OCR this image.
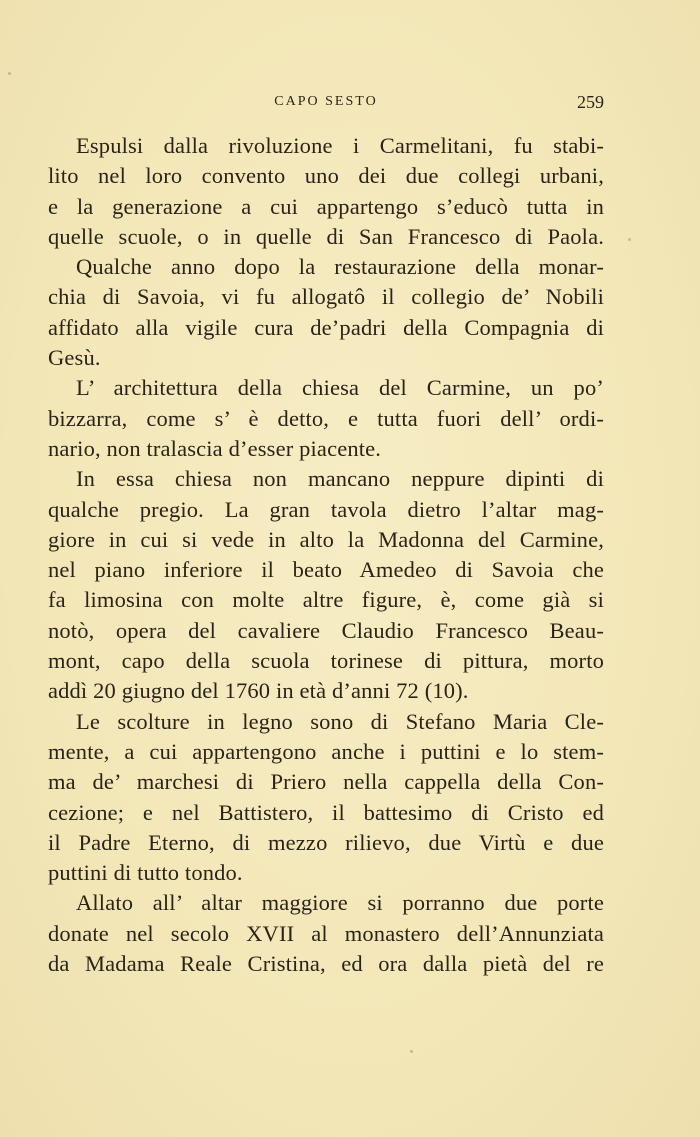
CAPO SESTO	259
Espulsi dalla rivoluzione i Carmelitani, fu stabi-
lito nel loro convento uno dei due collegi urbani,
e la generazione a cui appartengo s’educò tutta in
quelle scuole, o in quelle di San Francesco di Paola.
Qualche anno dopo la restaurazione della monar-
chia di Savoia, vi fu allogatô il collegio de’ Nobili
affidato alla vigile cura de’padri della Compagnia di
Gesù.
L’ architettura della chiesa del Carmine, un po’
bizzarra, come s’ è detto, e tutta fuori dell’ ordi-
nario, non tralascia d’esser piacente.
In essa chiesa non mancano neppure dipinti di
qualche pregio. La gran tavola dietro l’altar mag-
giore in cui si vede in alto la Madonna del Carmine,
nel piano inferiore il beato Amedeo di Savoia che
fa limosina con molte altre figure, è, come già si
notò, opera del cavaliere Claudio Francesco Beau-
mont, capo della scuola torinese di pittura, morto
addì 20 giugno del 1760 in età d’anni 72 (10).
Le scolture in legno sono di Stefano Maria Cle-
mente, a cui appartengono anche i puttini e lo stem-
ma de’ marchesi di Priero nella cappella della Con-
cezione; e nel Battistero, il battesimo di Cristo ed
il Padre Eterno, di mezzo rilievo, due Virtù e due
puttini di tutto tondo.
Allato all’ altar maggiore si porranno due porte
donate nel secolo XVII al monastero dell’Annunziata
da Madama Reale Cristina, ed ora dalla pietà del re
